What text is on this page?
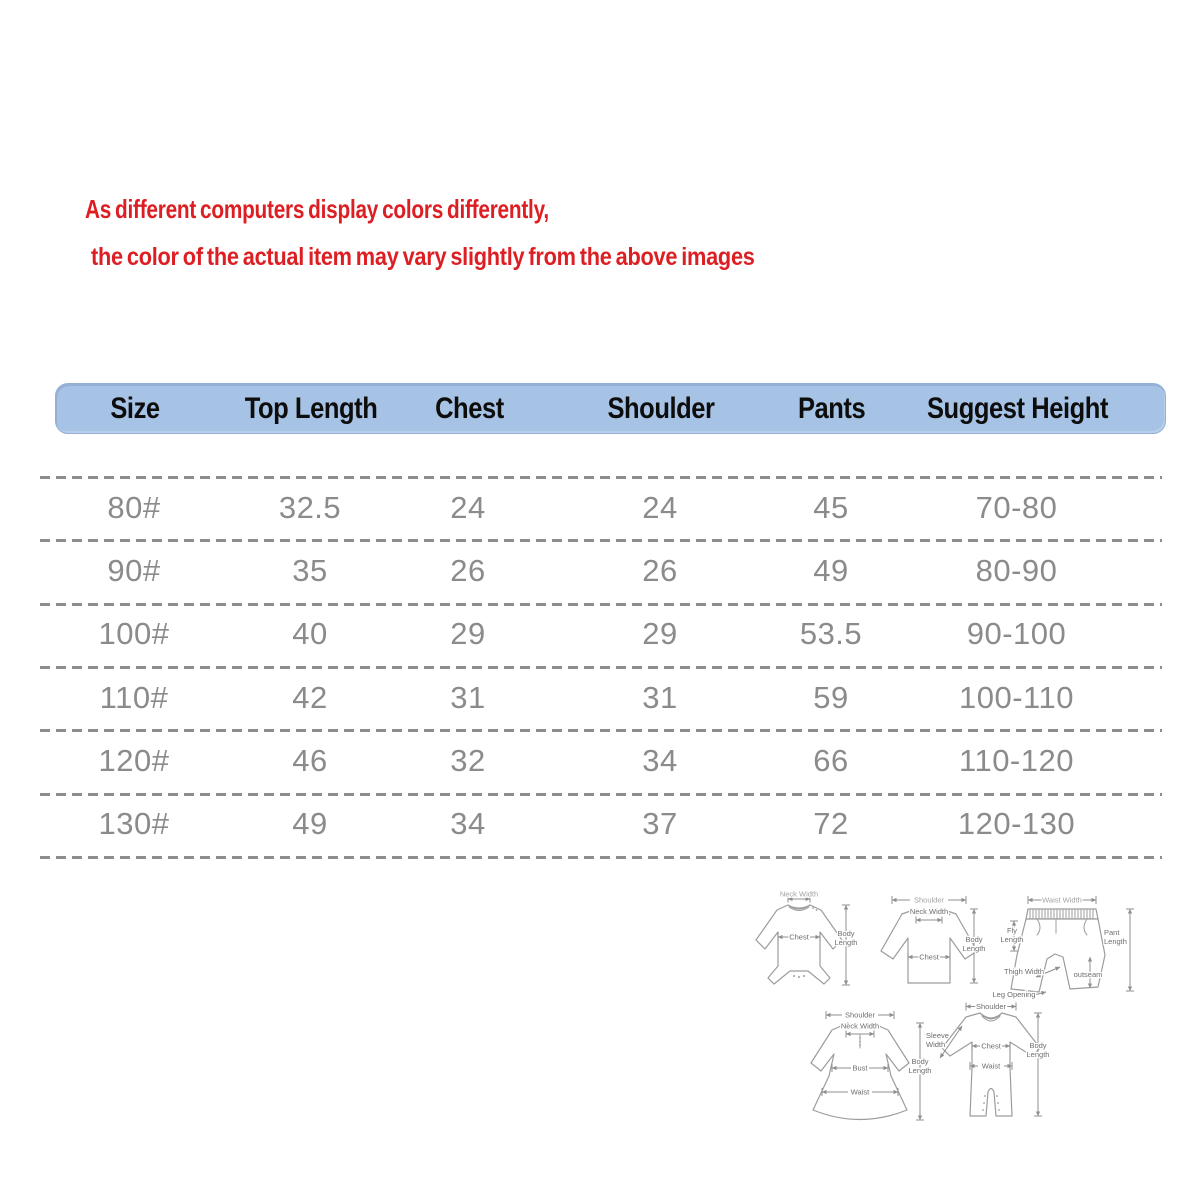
As different computers display colors differently,
the color of the actual item may vary slightly from the above images
Size	Top Length	Chest	Shoulder	Pants	Suggest Height
80#	32.5	24	24	45	70-80
90#	35	26	26	49	80-90
100#	40	29	29	53.5	90-100
110#	42	31	31	59	100-110
120#	46	32	34	66	110-120
130#	49	34	37	72	120-130
Neck Width
Chest	Body
Length
Shoulder
Neck Width
Chest
Body
Length
Waist Width
Fly
Length
Thigh Width
Leg Opening
outseam
Pant
Length
Shoulder
Neck Width
Bust
Waist
Body
Length
Shoulder
Sleeve
Width	Chest
Waist
Body
Length
